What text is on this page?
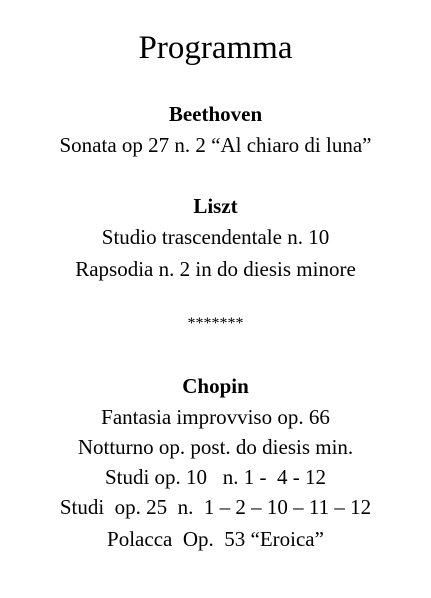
Programma
Beethoven
Sonata op 27 n. 2 “Al chiaro di luna”
Liszt
Studio trascendentale n. 10
Rapsodia n. 2 in do diesis minore
*******
Chopin
Fantasia improvviso op. 66
Notturno op. post. do diesis min.
Studi op. 10   n. 1 -  4 - 12
Studi  op. 25  n.  1 – 2 – 10 – 11 – 12
Polacca  Op.  53 “Eroica”
